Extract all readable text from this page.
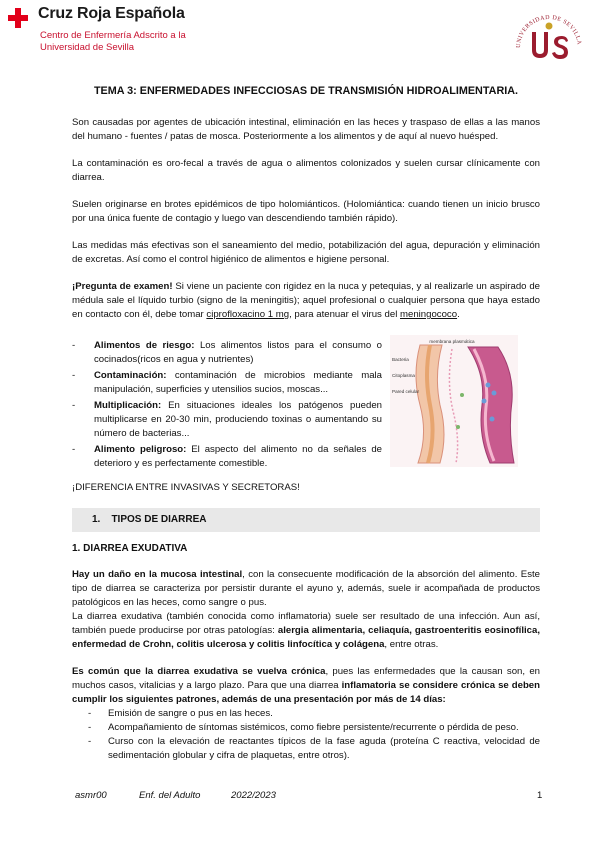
Cruz Roja Española
Centro de Enfermería Adscrito a la
Universidad de Sevilla	UNIVERSIDAD DE SEVILLA
TEMA 3: ENFERMEDADES INFECCIOSAS DE TRANSMISIÓN HIDROALIMENTARIA.

Son causadas por agentes de ubicación intestinal, eliminación en las heces y traspaso de ellas a las manos del humano - fuentes / patas de mosca. Posteriormente a los alimentos y de aquí al nuevo huésped.

La contaminación es oro-fecal a través de agua o alimentos colonizados y suelen cursar clínicamente con diarrea.

Suelen originarse en brotes epidémicos de tipo holomiánticos. (Holomiántica: cuando tienen un inicio brusco por una única fuente de contagio y luego van descendiendo también rápido).

Las medidas más efectivas son el saneamiento del medio, potabilización del agua, depuración y eliminación de excretas. Así como el control higiénico de alimentos e higiene personal.

¡Pregunta de examen! Si viene un paciente con rigidez en la nuca y petequias, y al realizarle un aspirado de médula sale el líquido turbio (signo de la meningitis); aquel profesional o cualquier persona que haya estado en contacto con él, debe tomar ciprofloxacino 1 mg, para atenuar el virus del meningococo.

- Alimentos de riesgo: Los alimentos listos para el consumo o cocinados(ricos en agua y nutrientes)
- Contaminación: contaminación de microbios mediante mala manipulación, superficies y utensilios sucios, moscas...
- Multiplicación: En situaciones ideales los patógenos pueden multiplicarse en 20-30 min, produciendo toxinas o aumentando su número de bacterias...
- Alimento peligroso: El aspecto del alimento no da señales de deterioro y es perfectamente comestible.
membrana plasmática
Bacteria
Citoplasma
Pared celular

¡DIFERENCIA ENTRE INVASIVAS Y SECRETORAS!

1.    TIPOS DE DIARREA
1. DIARREA EXUDATIVA

Hay un daño en la mucosa intestinal, con la consecuente modificación de la absorción del alimento. Este tipo de diarrea se caracteriza por persistir durante el ayuno y, además, suele ir acompañada de productos patológicos en las heces, como sangre o pus.

La diarrea exudativa (también conocida como inflamatoria) suele ser resultado de una infección. Aun así, también puede producirse por otras patologías: alergia alimentaria, celiaquía, gastroenteritis eosinofílica, enfermedad de Crohn, colitis ulcerosa y colitis linfocítica y colágena, entre otras.

Es común que la diarrea exudativa se vuelva crónica, pues las enfermedades que la causan son, en muchos casos, vitalicias y a largo plazo. Para que una diarrea inflamatoria se considere crónica se deben cumplir los siguientes patrones, además de una presentación por más de 14 días:

- Emisión de sangre o pus en las heces.
- Acompañamiento de síntomas sistémicos, como fiebre persistente/recurrente o pérdida de peso.
- Curso con la elevación de reactantes típicos de la fase aguda (proteína C reactiva, velocidad de sedimentación globular y cifra de plaquetas, entre otros).
asmr00	Enf. del Adulto	2022/2023	1
